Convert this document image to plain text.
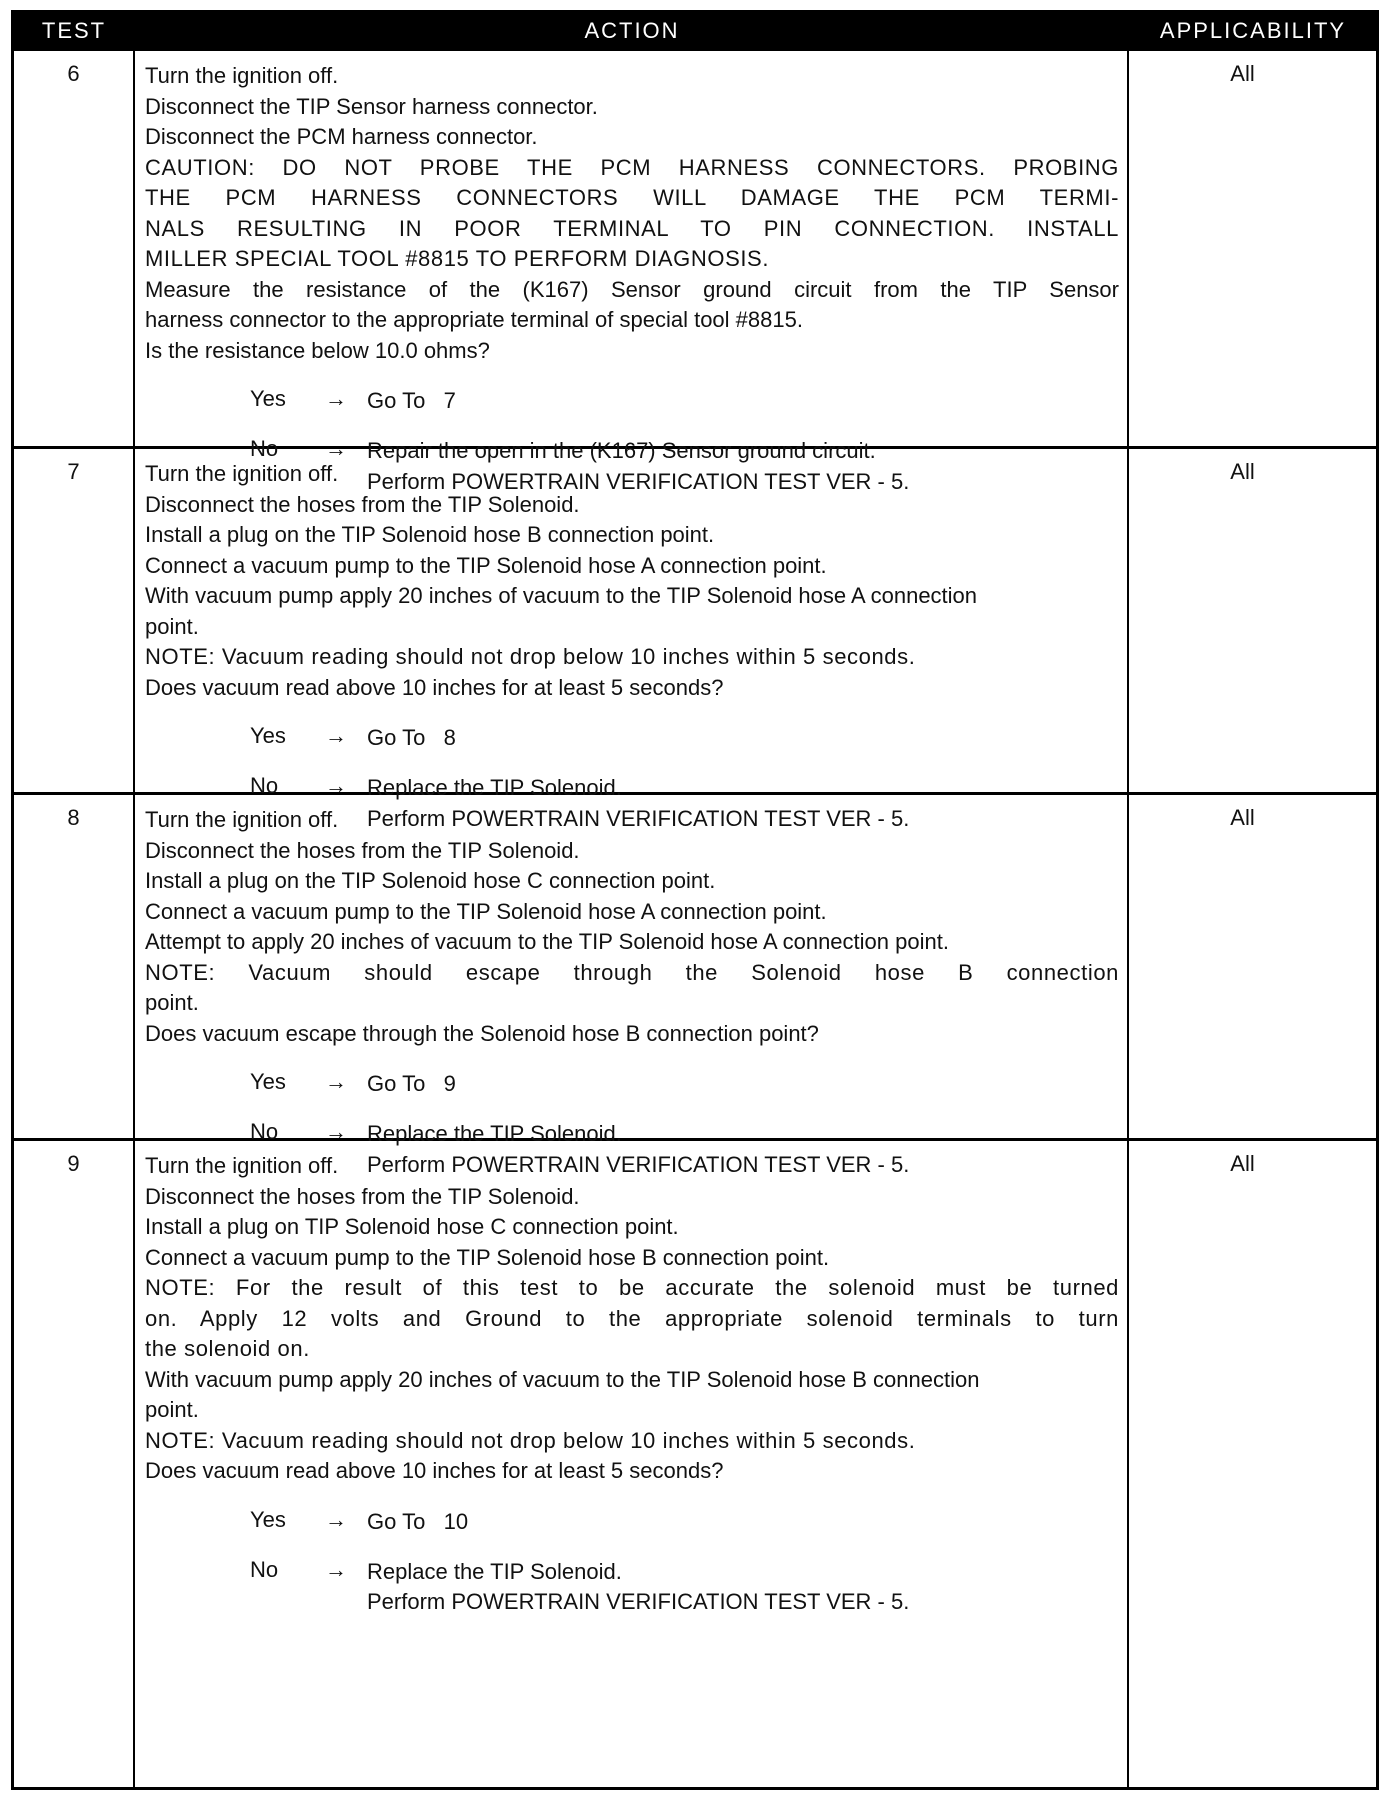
TEST	ACTION	APPLICABILITY
6	Turn the ignition off.
Disconnect the TIP Sensor harness connector.
Disconnect the PCM harness connector.
CAUTION: DO NOT PROBE THE PCM HARNESS CONNECTORS. PROBING
THE PCM HARNESS CONNECTORS WILL DAMAGE THE PCM TERMI-
NALS RESULTING IN POOR TERMINAL TO PIN CONNECTION. INSTALL
MILLER SPECIAL TOOL #8815 TO PERFORM DIAGNOSIS.
Measure the resistance of the (K167) Sensor ground circuit from the TIP Sensor
harness connector to the appropriate terminal of special tool #8815.
Is the resistance below 10.0 ohms?
Yes → Go To   7
No → Repair the open in the (K167) Sensor ground circuit.
Perform POWERTRAIN VERIFICATION TEST VER - 5.
All
7	Turn the ignition off.
Disconnect the hoses from the TIP Solenoid.
Install a plug on the TIP Solenoid hose B connection point.
Connect a vacuum pump to the TIP Solenoid hose A connection point.
With vacuum pump apply 20 inches of vacuum to the TIP Solenoid hose A connection
point.
NOTE: Vacuum reading should not drop below 10 inches within 5 seconds.
Does vacuum read above 10 inches for at least 5 seconds?
Yes → Go To   8
No → Replace the TIP Solenoid.
Perform POWERTRAIN VERIFICATION TEST VER - 5.
All
8	Turn the ignition off.
Disconnect the hoses from the TIP Solenoid.
Install a plug on the TIP Solenoid hose C connection point.
Connect a vacuum pump to the TIP Solenoid hose A connection point.
Attempt to apply 20 inches of vacuum to the TIP Solenoid hose A connection point.
NOTE: Vacuum should escape through the Solenoid hose B connection
point.
Does vacuum escape through the Solenoid hose B connection point?
Yes → Go To   9
No → Replace the TIP Solenoid.
Perform POWERTRAIN VERIFICATION TEST VER - 5.
All
9	Turn the ignition off.
Disconnect the hoses from the TIP Solenoid.
Install a plug on TIP Solenoid hose C connection point.
Connect a vacuum pump to the TIP Solenoid hose B connection point.
NOTE: For the result of this test to be accurate the solenoid must be turned
on. Apply 12 volts and Ground to the appropriate solenoid terminals to turn
the solenoid on.
With vacuum pump apply 20 inches of vacuum to the TIP Solenoid hose B connection
point.
NOTE: Vacuum reading should not drop below 10 inches within 5 seconds.
Does vacuum read above 10 inches for at least 5 seconds?
Yes → Go To   10
No → Replace the TIP Solenoid.
Perform POWERTRAIN VERIFICATION TEST VER - 5.
All
